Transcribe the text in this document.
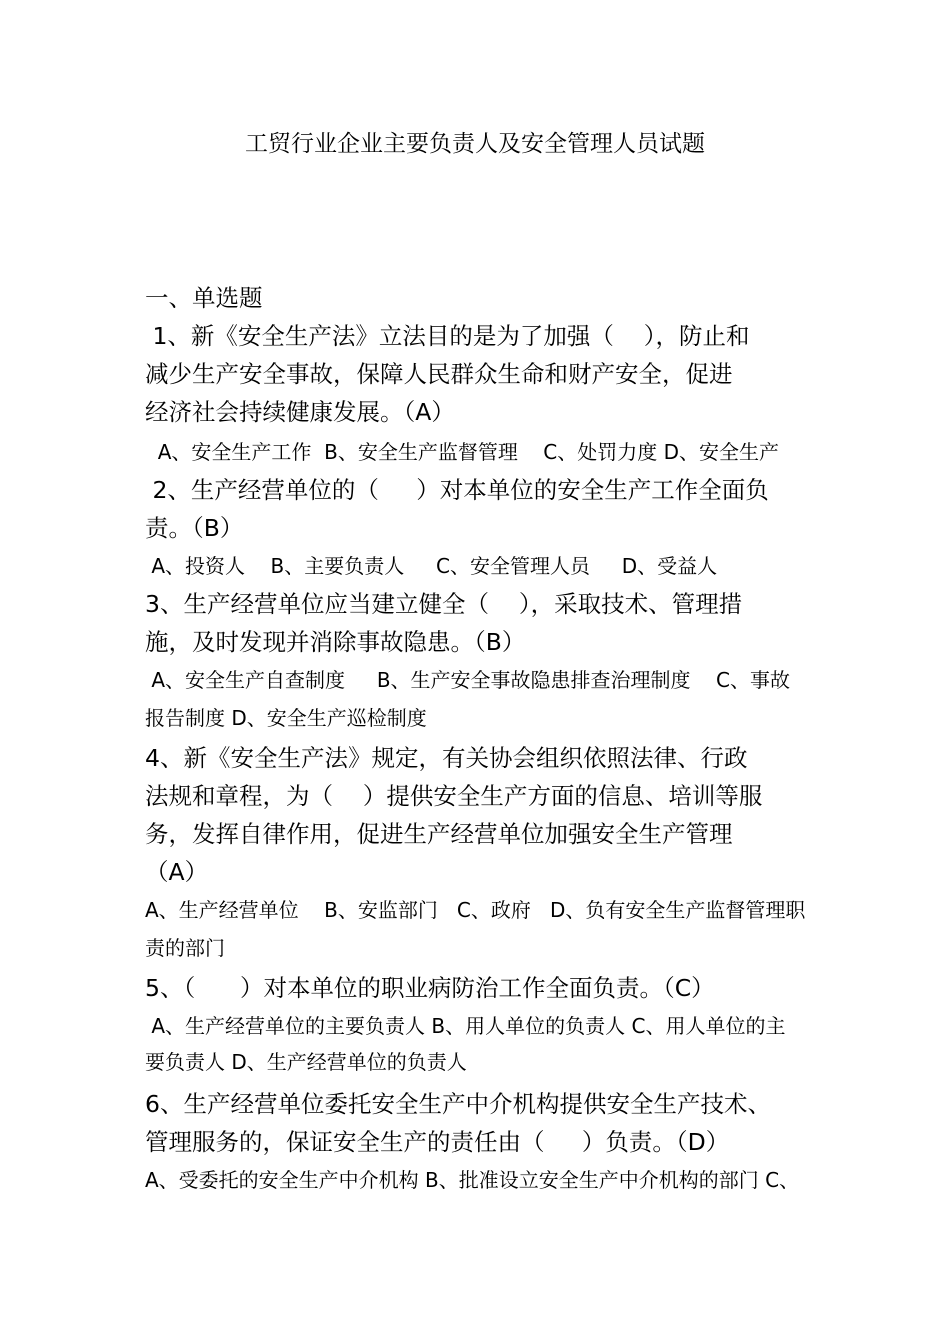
工贸行业企业主要负责人及安全管理人员试题
一、单选题
1、新《安全生产法》立法目的是为了加强（    ），防止和
减少生产安全事故，保障人民群众生命和财产安全，促进
经济社会持续健康发展。（A）
A、安全生产工作  B、安全生产监督管理    C、处罚力度 D、安全生产
2、生产经营单位的（     ）对本单位的安全生产工作全面负
责。（B）
A、投资人    B、主要负责人     C、安全管理人员     D、受益人
3、生产经营单位应当建立健全（    ），采取技术、管理措
施，及时发现并消除事故隐患。（B）
A、安全生产自查制度     B、生产安全事故隐患排查治理制度    C、事故
报告制度 D、安全生产巡检制度
4、新《安全生产法》规定，有关协会组织依照法律、行政
法规和章程，为（    ）提供安全生产方面的信息、培训等服
务，发挥自律作用，促进生产经营单位加强安全生产管理
（A）
A、生产经营单位    B、安监部门   C、政府   D、负有安全生产监督管理职
责的部门
5、（      ）对本单位的职业病防治工作全面负责。（C）
A、生产经营单位的主要负责人 B、用人单位的负责人 C、用人单位的主
要负责人 D、生产经营单位的负责人
6、生产经营单位委托安全生产中介机构提供安全生产技术、
管理服务的，保证安全生产的责任由（     ）负责。（D）
A、受委托的安全生产中介机构 B、批准设立安全生产中介机构的部门 C、
